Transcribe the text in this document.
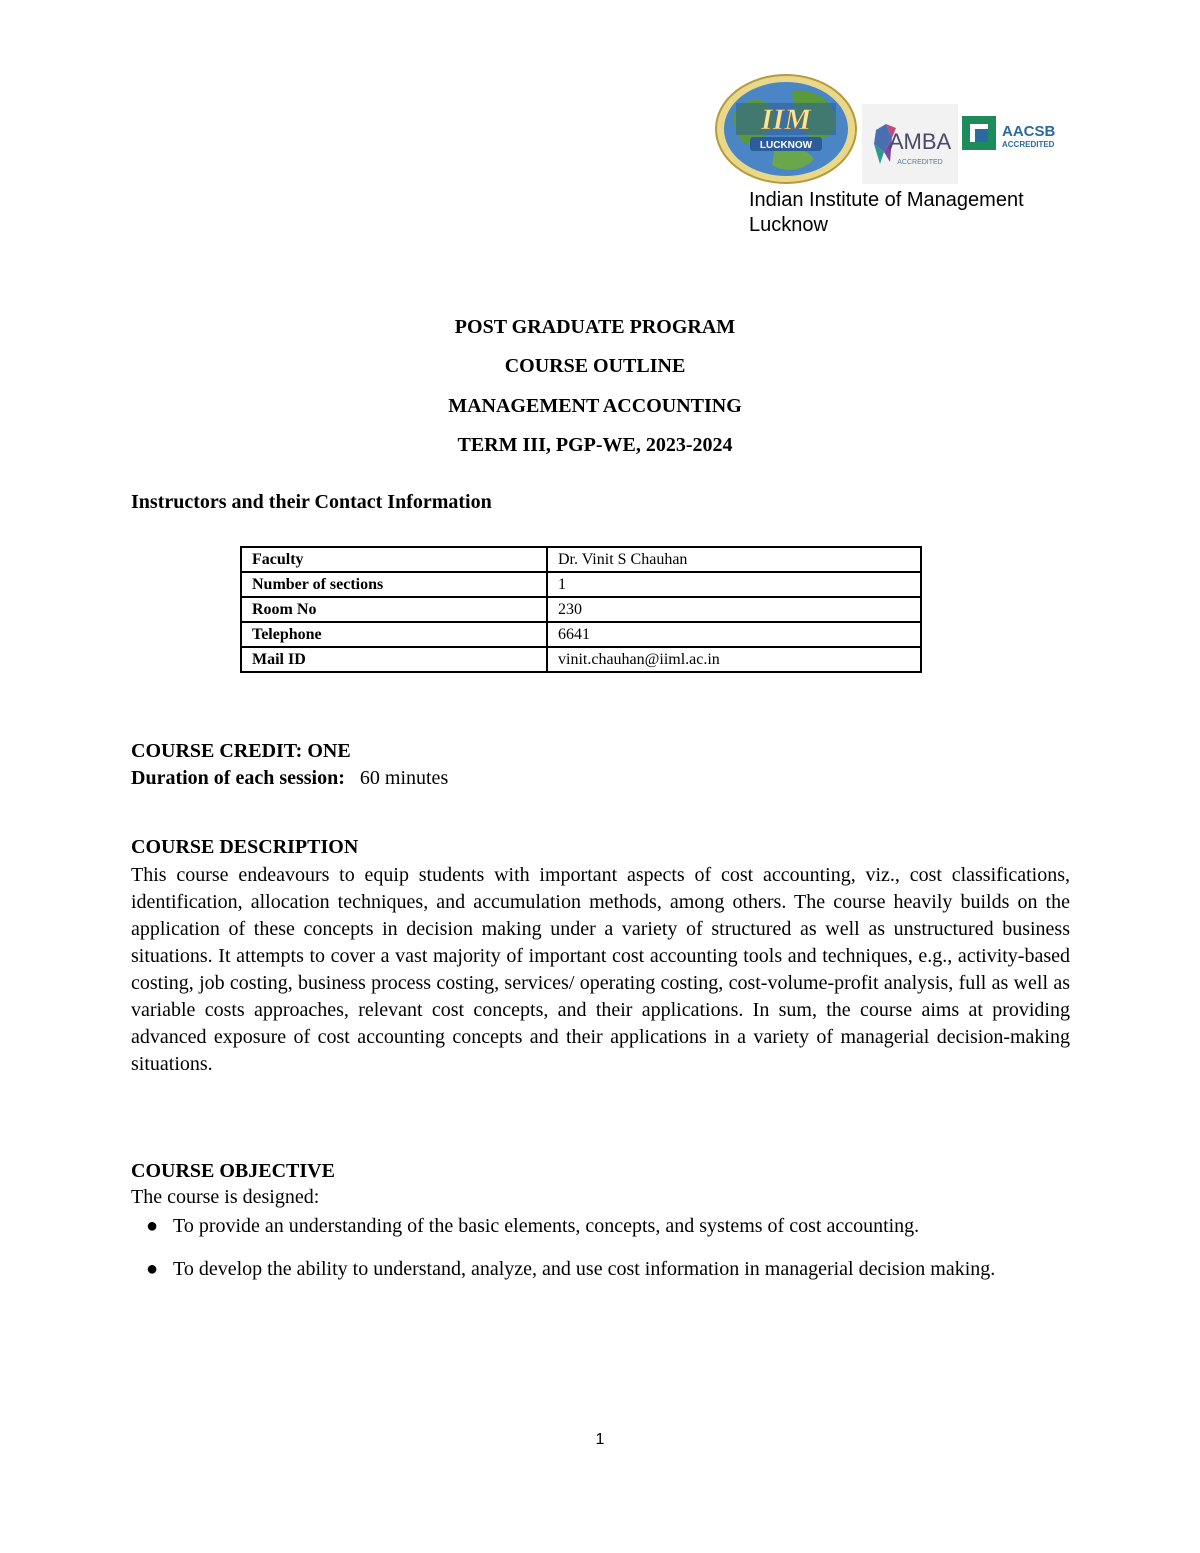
IIM
LUCKNOW	AMBA
ACCREDITED
AACSB
ACCREDITED
Indian Institute of Management
Lucknow
POST GRADUATE PROGRAM
COURSE OUTLINE
MANAGEMENT ACCOUNTING
TERM III, PGP-WE, 2023-2024
Instructors and their Contact Information
Faculty	Dr. Vinit S Chauhan
Number of sections	1
Room No	230
Telephone	6641
Mail ID	vinit.chauhan@iiml.ac.in
COURSE CREDIT: ONE
Duration of each session: 60 minutes
COURSE DESCRIPTION
This course endeavours to equip students with important aspects of cost accounting, viz., cost classifications, identification, allocation techniques, and accumulation methods, among others. The course heavily builds on the application of these concepts in decision making under a variety of structured as well as unstructured business situations. It attempts to cover a vast majority of important cost accounting tools and techniques, e.g., activity-based costing, job costing, business process costing, services/ operating costing, cost-volume-profit analysis, full as well as variable costs approaches, relevant cost concepts, and their applications. In sum, the course aims at providing advanced exposure of cost accounting concepts and their applications in a variety of managerial decision-making situations.
COURSE OBJECTIVE
The course is designed:
● To provide an understanding of the basic elements, concepts, and systems of cost accounting.
● To develop the ability to understand, analyze, and use cost information in managerial decision making.
1
